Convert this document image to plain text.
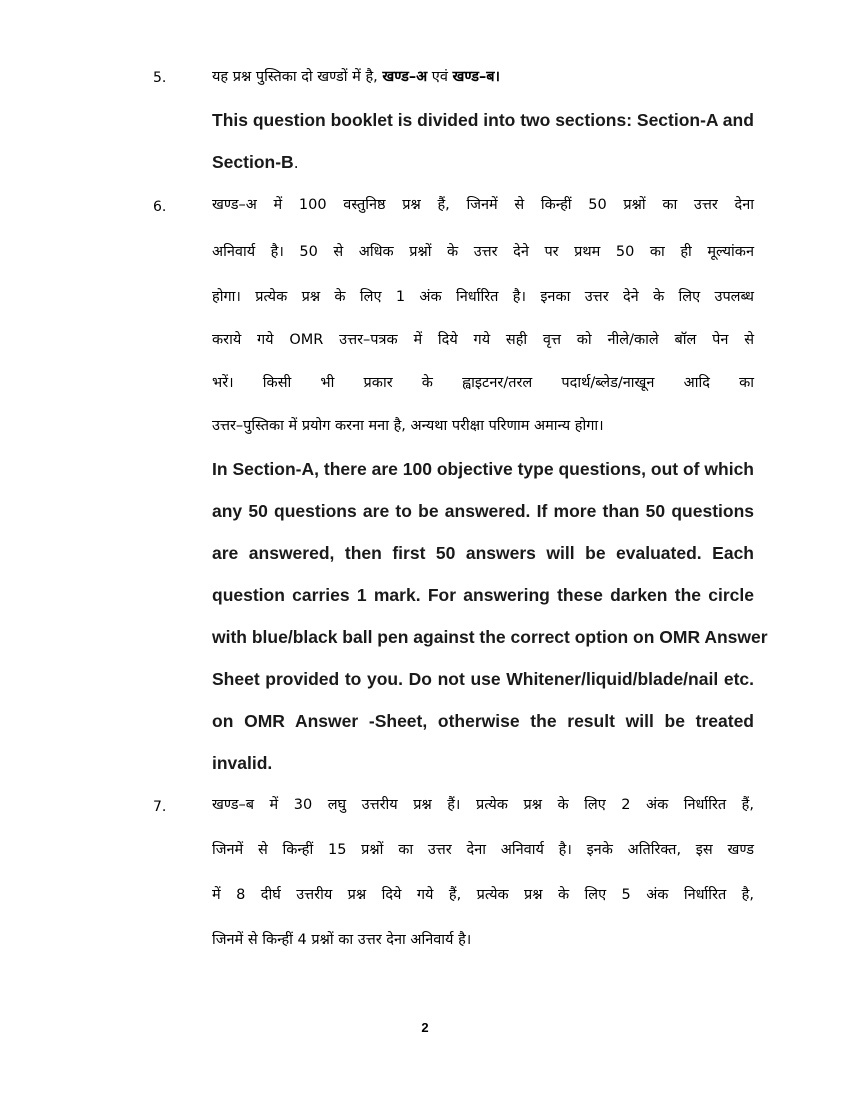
5.	यह प्रश्न पुस्तिका दो खण्डों में है, खण्ड–अ एवं खण्ड–ब।
This question booklet is divided into two sections: Section-A and
Section-B.
6.	खण्ड–अ में 100 वस्तुनिष्ठ प्रश्न हैं, जिनमें से किन्हीं 50 प्रश्नों का उत्तर देना
अनिवार्य है। 50 से अधिक प्रश्नों के उत्तर देने पर प्रथम 50 का ही मूल्यांकन
होगा। प्रत्येक प्रश्न के लिए 1 अंक निर्धारित है। इनका उत्तर देने के लिए उपलब्ध
कराये गये OMR उत्तर–पत्रक में दिये गये सही वृत्त को नीले/काले बॉल पेन से
भरें। किसी भी प्रकार के ह्वाइटनर/तरल पदार्थ/ब्लेड/नाखून आदि का
उत्तर–पुस्तिका में प्रयोग करना मना है, अन्यथा परीक्षा परिणाम अमान्य होगा।
In Section-A, there are 100 objective type questions, out of which
any 50 questions are to be answered. If more than 50 questions
are answered, then first 50 answers will be evaluated. Each
question carries 1 mark. For answering these darken the circle
with blue/black ball pen against the correct option on OMR Answer
Sheet provided to you. Do not use Whitener/liquid/blade/nail etc.
on OMR Answer -Sheet, otherwise the result will be treated
invalid.
7.	खण्ड–ब में 30 लघु उत्तरीय प्रश्न हैं। प्रत्येक प्रश्न के लिए 2 अंक निर्धारित हैं,
जिनमें से किन्हीं 15 प्रश्नों का उत्तर देना अनिवार्य है। इनके अतिरिक्त, इस खण्ड
में 8 दीर्घ उत्तरीय प्रश्न दिये गये हैं, प्रत्येक प्रश्न के लिए 5 अंक निर्धारित है,
जिनमें से किन्हीं 4 प्रश्नों का उत्तर देना अनिवार्य है।
2
